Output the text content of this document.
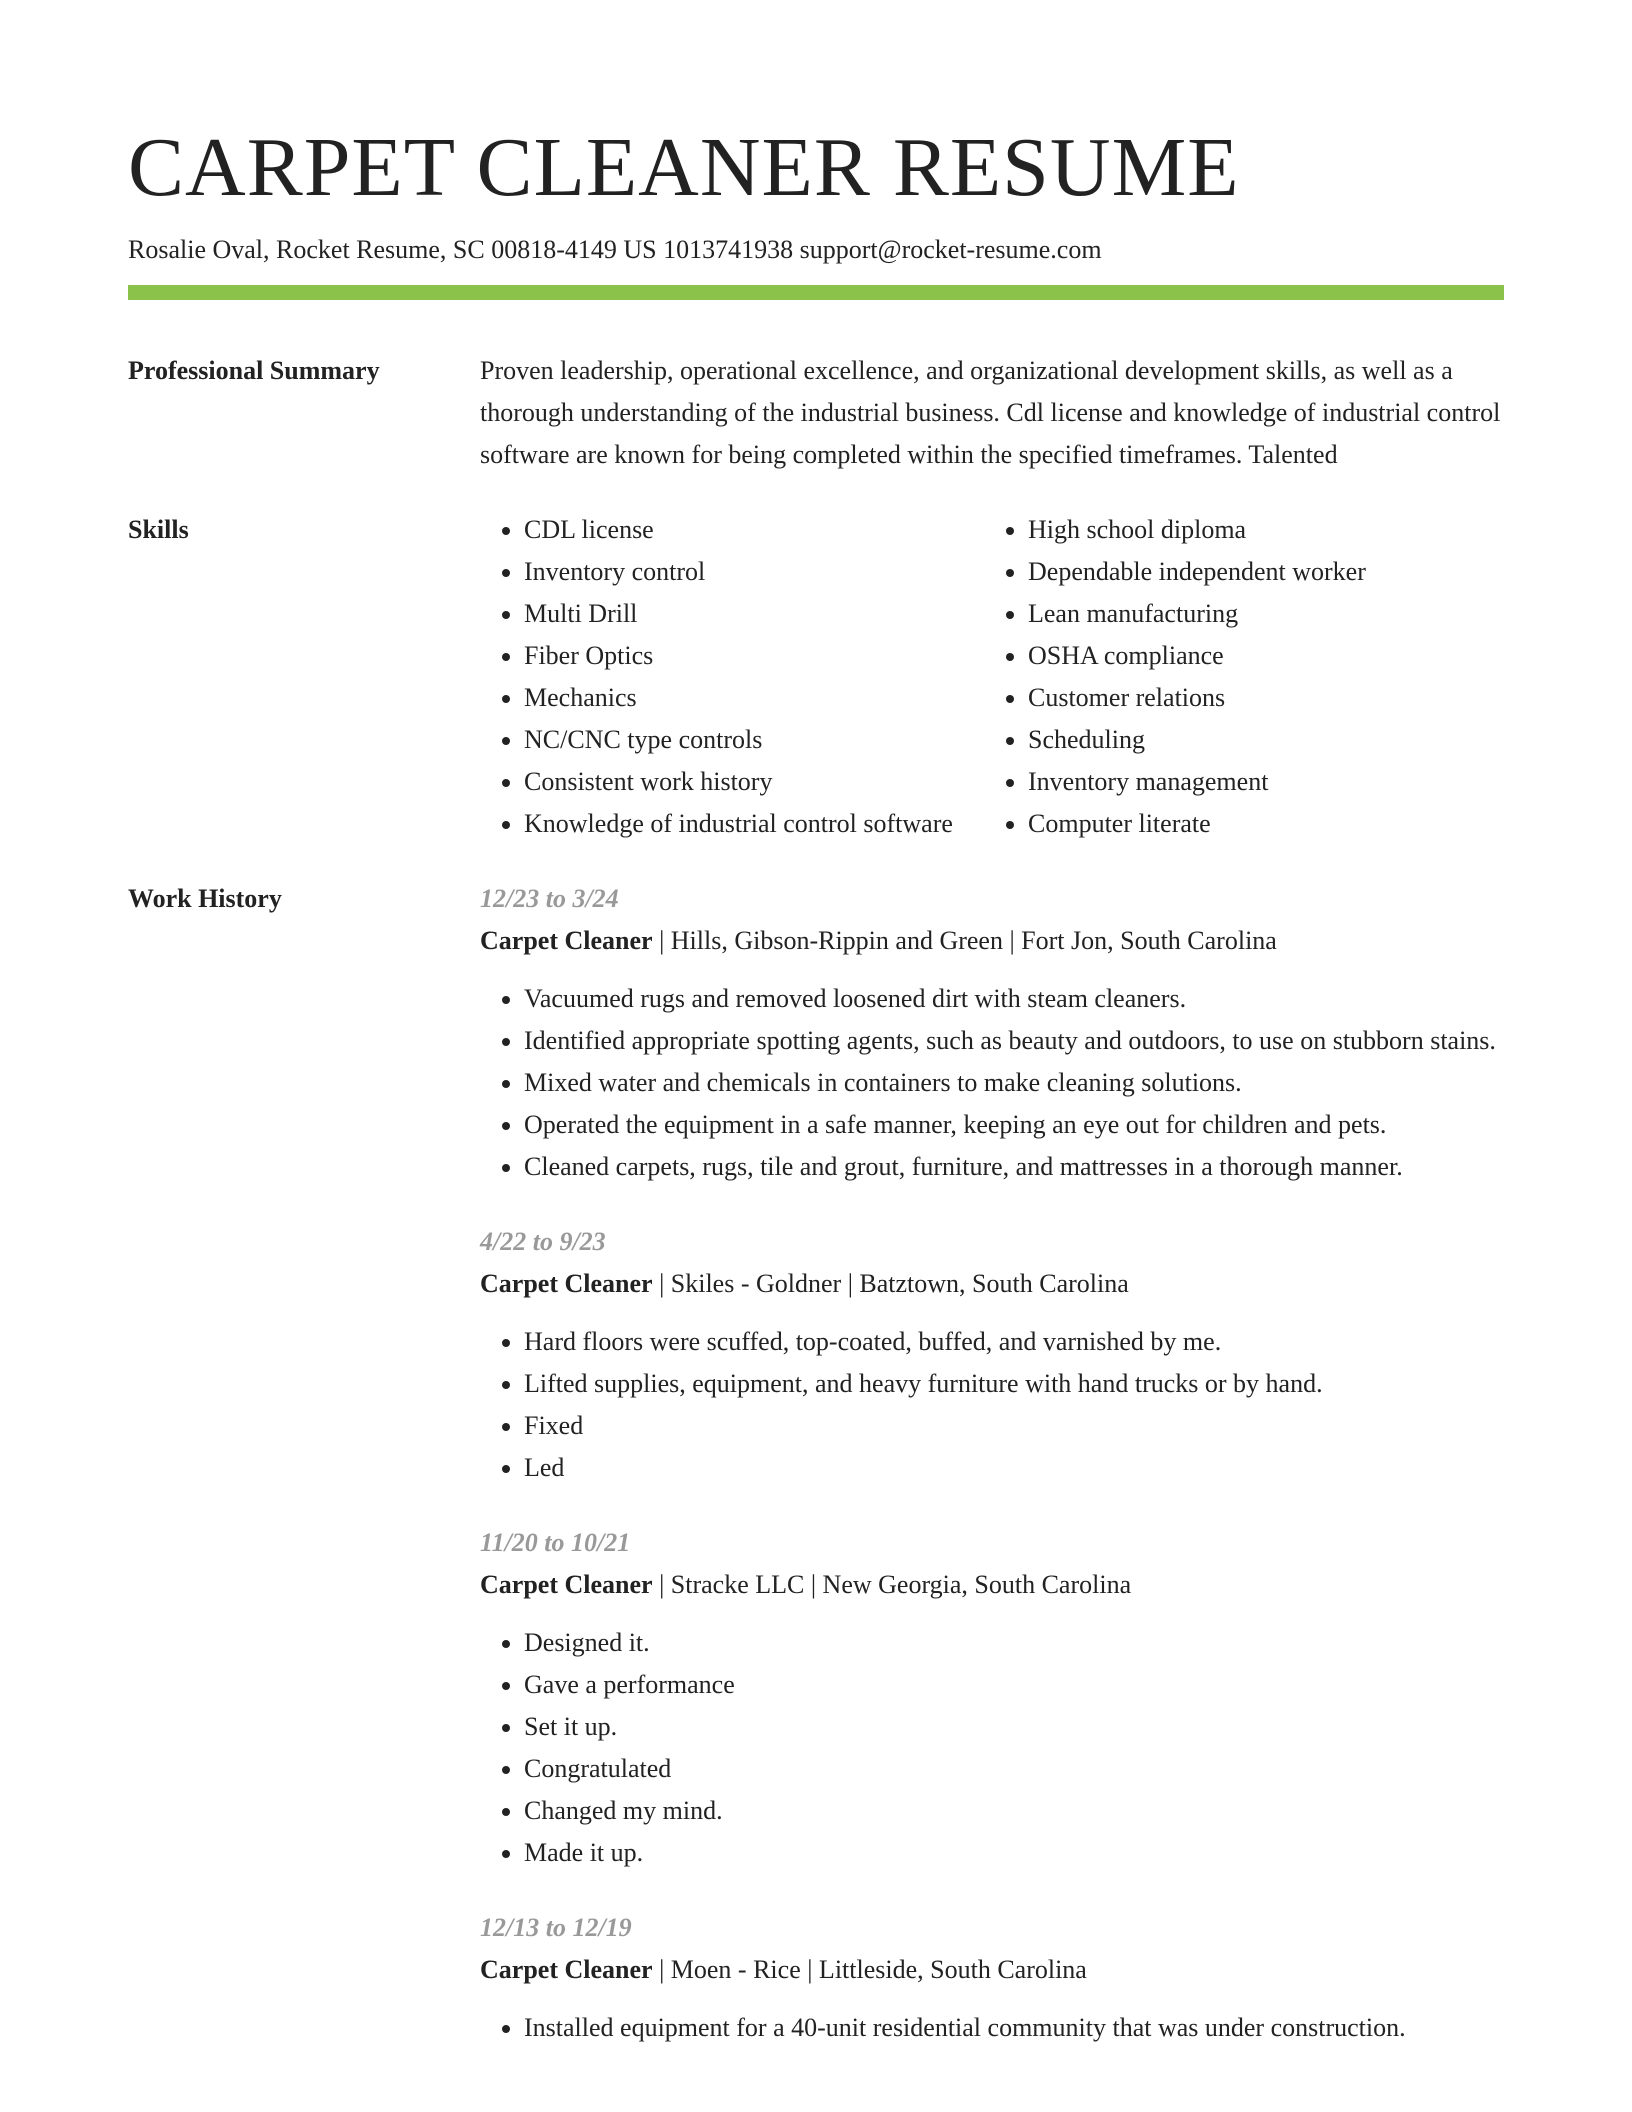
CARPET CLEANER RESUME
Rosalie Oval, Rocket Resume, SC 00818-4149 US 1013741938 support@rocket-resume.com
Professional Summary	Proven leadership, operational excellence, and organizational development skills, as well as a thorough understanding of the industrial business. Cdl license and knowledge of industrial control software are known for being completed within the specified timeframes. Talented
Skills
•	CDL license
• Inventory control
• Multi Drill
• Fiber Optics
• Mechanics
• NC/CNC type controls
• Consistent work history
• Knowledge of industrial control software
• High school diploma
• Dependable independent worker
• Lean manufacturing
• OSHA compliance
• Customer relations
• Scheduling
• Inventory management
• Computer literate
Work History	12/23 to 3/24
Carpet Cleaner | Hills, Gibson-Rippin and Green | Fort Jon, South Carolina
• Vacuumed rugs and removed loosened dirt with steam cleaners.
• Identified appropriate spotting agents, such as beauty and outdoors, to use on stubborn stains.
• Mixed water and chemicals in containers to make cleaning solutions.
• Operated the equipment in a safe manner, keeping an eye out for children and pets.
• Cleaned carpets, rugs, tile and grout, furniture, and mattresses in a thorough manner.
4/22 to 9/23
Carpet Cleaner | Skiles - Goldner | Batztown, South Carolina
• Hard floors were scuffed, top-coated, buffed, and varnished by me.
• Lifted supplies, equipment, and heavy furniture with hand trucks or by hand.
• Fixed
• Led
11/20 to 10/21
Carpet Cleaner | Stracke LLC | New Georgia, South Carolina
• Designed it.
• Gave a performance
• Set it up.
• Congratulated
• Changed my mind.
• Made it up.
12/13 to 12/19
Carpet Cleaner | Moen - Rice | Littleside, South Carolina
• Installed equipment for a 40-unit residential community that was under construction.
